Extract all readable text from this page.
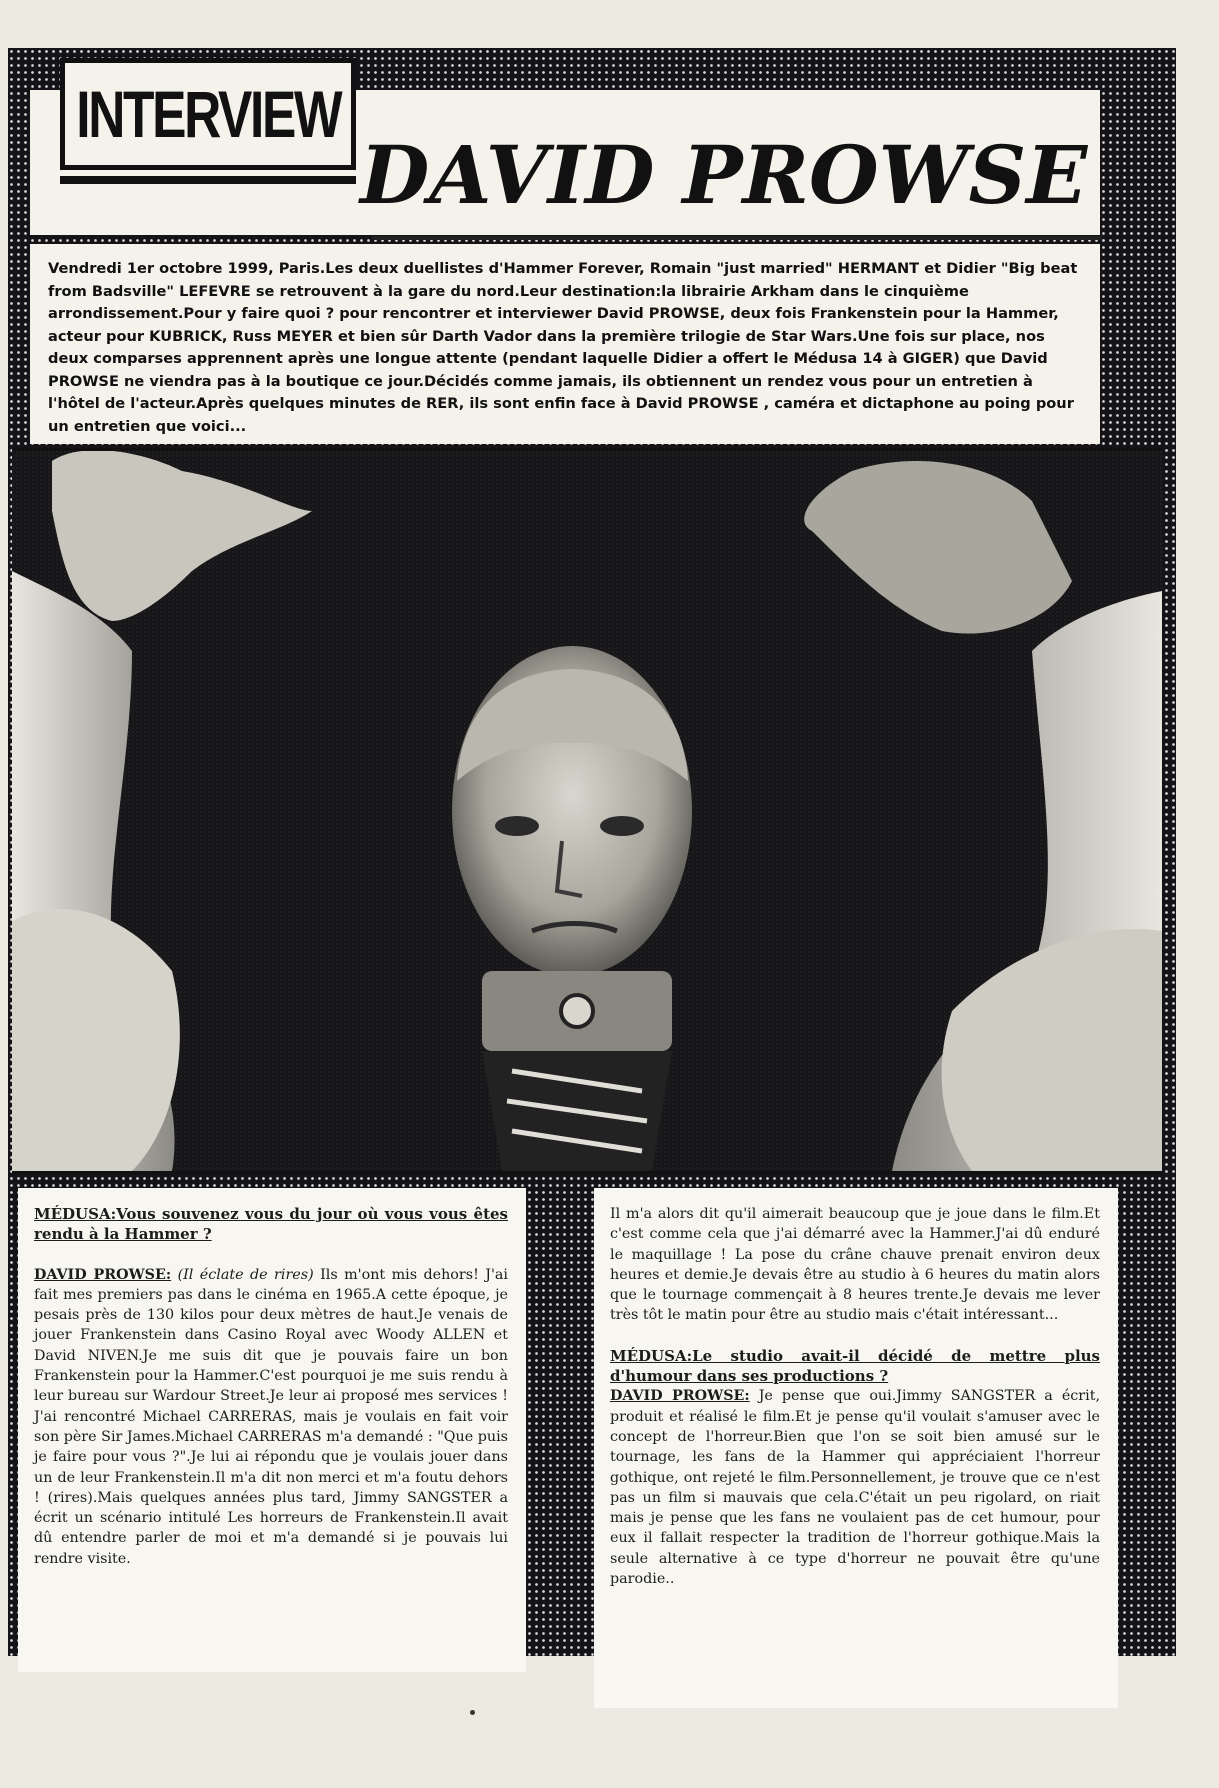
INTERVIEW
DAVID PROWSE

Vendredi 1er octobre 1999, Paris.Les deux duellistes d'Hammer Forever, Romain "just married" HERMANT et Didier "Big beat from Badsville" LEFEVRE se retrouvent à la gare du nord.Leur destination:la librairie Arkham dans le cinquième arrondissement.Pour y faire quoi ? pour rencontrer et interviewer David PROWSE, deux fois Frankenstein pour la Hammer, acteur pour KUBRICK, Russ MEYER et bien sûr Darth Vador dans la première trilogie de Star Wars.Une fois sur place, nos deux comparses apprennent après une longue attente (pendant laquelle Didier a offert le Médusa 14 à GIGER) que David PROWSE ne viendra pas à la boutique ce jour.Décidés comme jamais, ils obtiennent un rendez vous pour un entretien à l'hôtel de l'acteur.Après quelques minutes de RER, ils sont enfin face à David PROWSE , caméra et dictaphone au poing pour un entretien que voici...

MÉDUSA:Vous souvenez vous du jour où vous vous êtes rendu à la Hammer ?

DAVID PROWSE: (Il éclate de rires) Ils m'ont mis dehors! J'ai fait mes premiers pas dans le cinéma en 1965.A cette époque, je pesais près de 130 kilos pour deux mètres de haut.Je venais de jouer Frankenstein dans Casino Royal avec Woody ALLEN et David NIVEN.Je me suis dit que je pouvais faire un bon Frankenstein pour la Hammer.C'est pourquoi je me suis rendu à leur bureau sur Wardour Street.Je leur ai proposé mes services ! J'ai rencontré Michael CARRERAS, mais je voulais en fait voir son père Sir James.Michael CARRERAS m'a demandé : "Que puis je faire pour vous ?".Je lui ai répondu que je voulais jouer dans un de leur Frankenstein.Il m'a dit non merci et m'a foutu dehors ! (rires).Mais quelques années plus tard, Jimmy SANGSTER a écrit un scénario intitulé Les horreurs de Frankenstein.Il avait dû entendre parler de moi et m'a demandé si je pouvais lui rendre visite.

Il m'a alors dit qu'il aimerait beaucoup que je joue dans le film.Et c'est comme cela que j'ai démarré avec la Hammer.J'ai dû enduré le maquillage ! La pose du crâne chauve prenait environ deux heures et demie.Je devais être au studio à 6 heures du matin alors que le tournage commençait à 8 heures trente.Je devais me lever très tôt le matin pour être au studio mais c'était intéressant...

MÉDUSA:Le studio avait-il décidé de mettre plus d'humour dans ses productions ?

DAVID PROWSE: Je pense que oui.Jimmy SANGSTER a écrit, produit et réalisé le film.Et je pense qu'il voulait s'amuser avec le concept de l'horreur.Bien que l'on se soit bien amusé sur le tournage, les fans de la Hammer qui appréciaient l'horreur gothique, ont rejeté le film.Personnellement, je trouve que ce n'est pas un film si mauvais que cela.C'était un peu rigolard, on riait mais je pense que les fans ne voulaient pas de cet humour, pour eux il fallait respecter la tradition de l'horreur gothique.Mais la seule alternative à ce type d'horreur ne pouvait être qu'une parodie..
